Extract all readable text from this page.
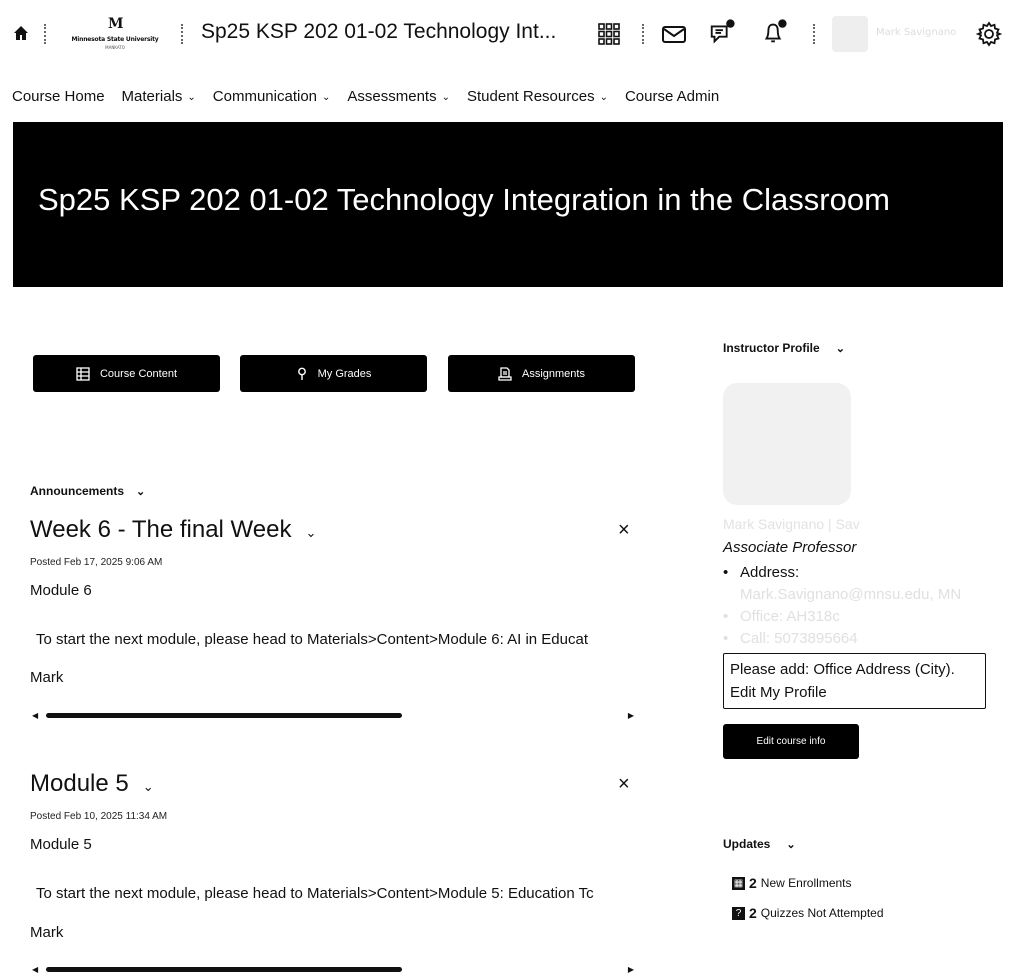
M
Minnesota State University
MANKATO
Sp25 KSP 202 01-02 Technology Int...	Mark Savignano
Course Home Materials ⌄ Communication ⌄ Assessments ⌄ Student Resources ⌄ Course Admin
Sp25 KSP 202 01-02 Technology Integration in the Classroom
Course Content	My Grades	Assignments
Announcements ⌄
Week 6 - The final Week ⌄	×
Posted Feb 17, 2025 9:06 AM
Module 6
To start the next module, please head to Materials>Content>Module 6: AI in Educat
Mark
◀	▶
Module 5 ⌄	×
Posted Feb 10, 2025 11:34 AM
Module 5
To start the next module, please head to Materials>Content>Module 5: Education Tc
Mark
◀	▶
Instructor Profile ⌄
Mark Savignano | Sav
Associate Professor
• Address:
Mark.Savignano@mnsu.edu, MN
• Office: AH318c
• Call: 5073895664
Please add: Office Address (City).
Edit My Profile
Edit course info
Updates ⌄
▦ 2 New Enrollments
? 2 Quizzes Not Attempted
